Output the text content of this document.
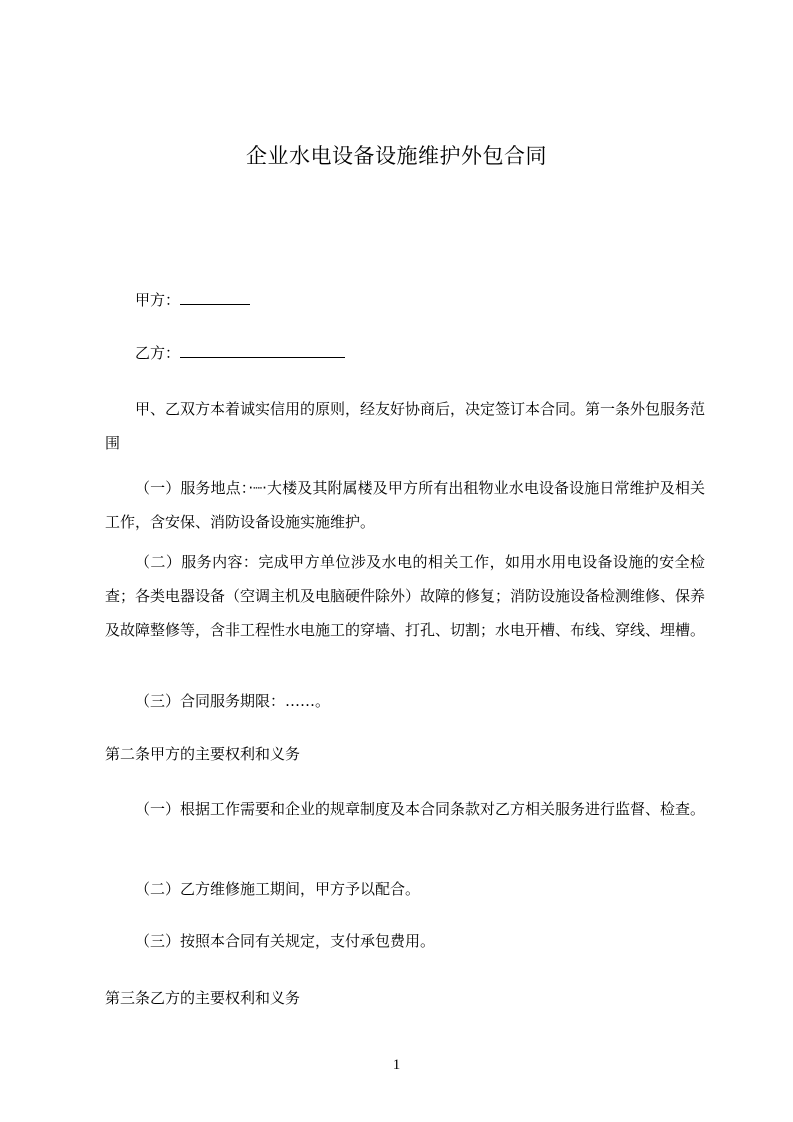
企业水电设备设施维护外包合同
甲方：
乙方：
甲、乙双方本着诚实信用的原则，经友好协商后，决定签订本合同。第一条外包服务范围
（一）服务地点：·┈·大楼及其附属楼及甲方所有出租物业水电设备设施日常维护及相关工作，含安保、消防设备设施实施维护。
（二）服务内容：完成甲方单位涉及水电的相关工作，如用水用电设备设施的安全检查；各类电器设备（空调主机及电脑硬件除外）故障的修复；消防设施设备检测维修、保养及故障整修等，含非工程性水电施工的穿墙、打孔、切割；水电开槽、布线、穿线、埋槽。
（三）合同服务期限：……。
第二条甲方的主要权利和义务
（一）根据工作需要和企业的规章制度及本合同条款对乙方相关服务进行监督、检查。
（二）乙方维修施工期间，甲方予以配合。
（三）按照本合同有关规定，支付承包费用。
第三条乙方的主要权利和义务
1
